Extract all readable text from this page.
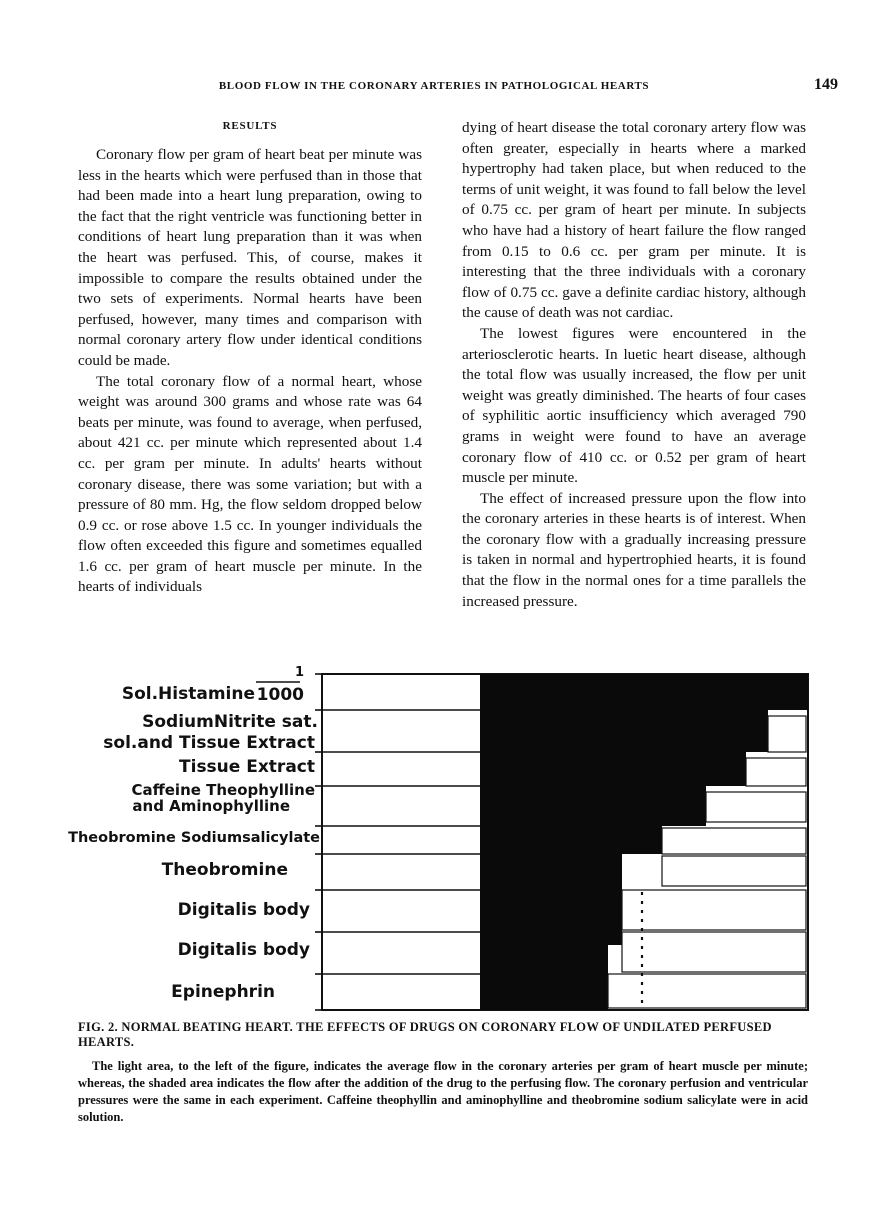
BLOOD FLOW IN THE CORONARY ARTERIES IN PATHOLOGICAL HEARTS	149
RESULTS

Coronary flow per gram of heart beat per minute was less in the hearts which were perfused than in those that had been made into a heart lung preparation, owing to the fact that the right ventricle was functioning better in conditions of heart lung preparation than it was when the heart was perfused. This, of course, makes it impossible to compare the results obtained under the two sets of experiments. Normal hearts have been perfused, however, many times and comparison with normal coronary artery flow under identical conditions could be made.

The total coronary flow of a normal heart, whose weight was around 300 grams and whose rate was 64 beats per minute, was found to average, when perfused, about 421 cc. per minute which represented about 1.4 cc. per gram per minute. In adults' hearts without coronary disease, there was some variation; but with a pressure of 80 mm. Hg, the flow seldom dropped below 0.9 cc. or rose above 1.5 cc. In younger individuals the flow often exceeded this figure and sometimes equalled 1.6 cc. per gram of heart muscle per minute. In the hearts of individuals

dying of heart disease the total coronary artery flow was often greater, especially in hearts where a marked hypertrophy had taken place, but when reduced to the terms of unit weight, it was found to fall below the level of 0.75 cc. per gram of heart per minute. In subjects who have had a history of heart failure the flow ranged from 0.15 to 0.6 cc. per gram per minute. It is interesting that the three individuals with a coronary flow of 0.75 cc. gave a definite cardiac history, although the cause of death was not cardiac.

The lowest figures were encountered in the arteriosclerotic hearts. In luetic heart disease, although the total flow was usually increased, the flow per unit weight was greatly diminished. The hearts of four cases of syphilitic aortic insufficiency which averaged 790 grams in weight were found to have an average coronary flow of 410 cc. or 0.52 per gram of heart muscle per minute.

The effect of increased pressure upon the flow into the coronary arteries in these hearts is of interest. When the coronary flow with a gradually increasing pressure is taken in normal and hypertrophied hearts, it is found that the flow in the normal ones for a time parallels the increased pressure.

1
Sol.Histamine 1000
SodiumNitrite sat.
sol.and Tissue Extract
Tissue Extract
Caffeine Theophylline
and Aminophylline
Theobromine Sodiumsalicylate
Theobromine
Digitalis body
Digitalis body
Epinephrin
FIG. 2. NORMAL BEATING HEART. THE EFFECTS OF DRUGS ON CORONARY FLOW OF UNDILATED PERFUSED HEARTS.

The light area, to the left of the figure, indicates the average flow in the coronary arteries per gram of heart muscle per minute; whereas, the shaded area indicates the flow after the addition of the drug to the perfusing flow. The coronary perfusion and ventricular pressures were the same in each experiment. Caffeine theophyllin and aminophylline and theobromine sodium salicylate were in acid solution.
